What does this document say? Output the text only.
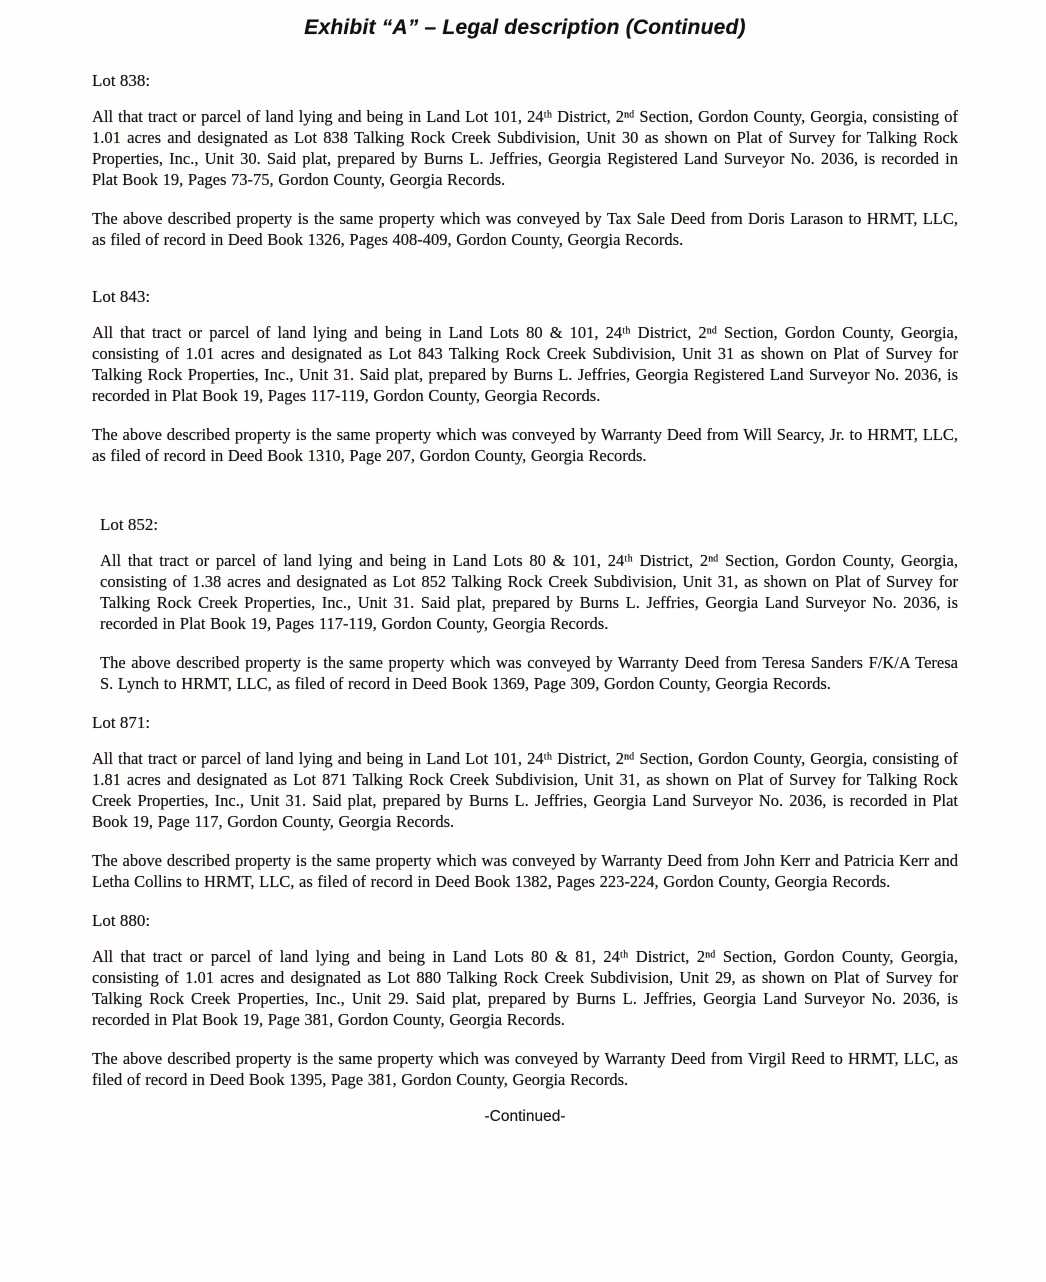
Exhibit “A” – Legal description (Continued)
Lot 838:

All that tract or parcel of land lying and being in Land Lot 101, 24ᵗʰ District, 2ⁿᵈ Section, Gordon County, Georgia, consisting of 1.01 acres and designated as Lot 838 Talking Rock Creek Subdivision, Unit 30 as shown on Plat of Survey for Talking Rock Properties, Inc., Unit 30. Said plat, prepared by Burns L. Jeffries, Georgia Registered Land Surveyor No. 2036, is recorded in Plat Book 19, Pages 73-75, Gordon County, Georgia Records.

The above described property is the same property which was conveyed by Tax Sale Deed from Doris Larason to HRMT, LLC, as filed of record in Deed Book 1326, Pages 408-409, Gordon County, Georgia Records.

Lot 843:

All that tract or parcel of land lying and being in Land Lots 80 & 101, 24ᵗʰ District, 2ⁿᵈ Section, Gordon County, Georgia, consisting of 1.01 acres and designated as Lot 843 Talking Rock Creek Subdivision, Unit 31 as shown on Plat of Survey for Talking Rock Properties, Inc., Unit 31. Said plat, prepared by Burns L. Jeffries, Georgia Registered Land Surveyor No. 2036, is recorded in Plat Book 19, Pages 117-119, Gordon County, Georgia Records.

The above described property is the same property which was conveyed by Warranty Deed from Will Searcy, Jr. to HRMT, LLC, as filed of record in Deed Book 1310, Page 207, Gordon County, Georgia Records.

Lot 852:

All that tract or parcel of land lying and being in Land Lots 80 & 101, 24ᵗʰ District, 2ⁿᵈ Section, Gordon County, Georgia, consisting of 1.38 acres and designated as Lot 852 Talking Rock Creek Subdivision, Unit 31, as shown on Plat of Survey for Talking Rock Creek Properties, Inc., Unit 31. Said plat, prepared by Burns L. Jeffries, Georgia Land Surveyor No. 2036, is recorded in Plat Book 19, Pages 117-119, Gordon County, Georgia Records.

The above described property is the same property which was conveyed by Warranty Deed from Teresa Sanders F/K/A Teresa S. Lynch to HRMT, LLC, as filed of record in Deed Book 1369, Page 309, Gordon County, Georgia Records.

Lot 871:

All that tract or parcel of land lying and being in Land Lot 101, 24ᵗʰ District, 2ⁿᵈ Section, Gordon County, Georgia, consisting of 1.81 acres and designated as Lot 871 Talking Rock Creek Subdivision, Unit 31, as shown on Plat of Survey for Talking Rock Creek Properties, Inc., Unit 31. Said plat, prepared by Burns L. Jeffries, Georgia Land Surveyor No. 2036, is recorded in Plat Book 19, Page 117, Gordon County, Georgia Records.

The above described property is the same property which was conveyed by Warranty Deed from John Kerr and Patricia Kerr and Letha Collins to HRMT, LLC, as filed of record in Deed Book 1382, Pages 223-224, Gordon County, Georgia Records.

Lot 880:

All that tract or parcel of land lying and being in Land Lots 80 & 81, 24ᵗʰ District, 2ⁿᵈ Section, Gordon County, Georgia, consisting of 1.01 acres and designated as Lot 880 Talking Rock Creek Subdivision, Unit 29, as shown on Plat of Survey for Talking Rock Creek Properties, Inc., Unit 29. Said plat, prepared by Burns L. Jeffries, Georgia Land Surveyor No. 2036, is recorded in Plat Book 19, Page 381, Gordon County, Georgia Records.

The above described property is the same property which was conveyed by Warranty Deed from Virgil Reed to HRMT, LLC, as filed of record in Deed Book 1395, Page 381, Gordon County, Georgia Records.

-Continued-
